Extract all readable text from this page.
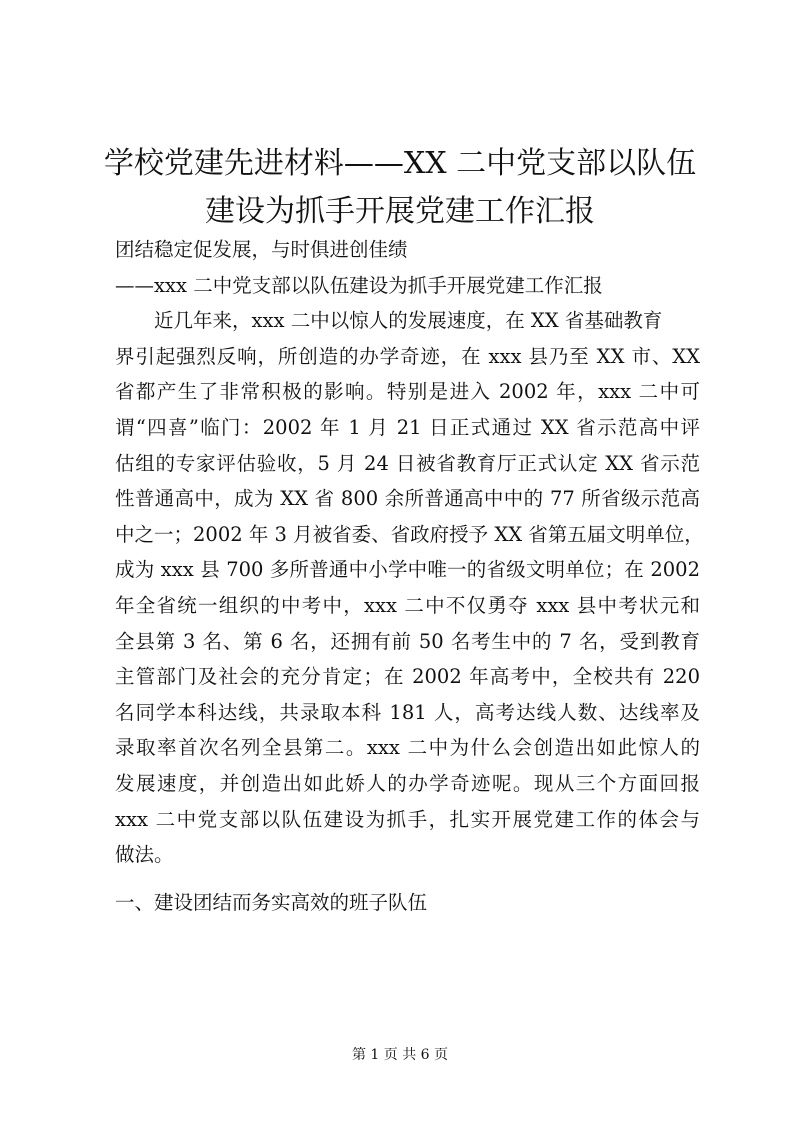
学校党建先进材料——XX 二中党支部以队伍
建设为抓手开展党建工作汇报

团结稳定促发展，与时俱进创佳绩

——xxx 二中党支部以队伍建设为抓手开展党建工作汇报

近几年来，xxx 二中以惊人的发展速度，在 XX 省基础教育
界引起强烈反响，所创造的办学奇迹，在 xxx 县乃至 XX 市、XX
省都产生了非常积极的影响。特别是进入 2002 年，xxx 二中可
谓“四喜”临门：2002 年 1 月 21 日正式通过 XX 省示范高中评
估组的专家评估验收，5 月 24 日被省教育厅正式认定 XX 省示范
性普通高中，成为 XX 省 800 余所普通高中中的 77 所省级示范高
中之一；2002 年 3 月被省委、省政府授予 XX 省第五届文明单位，
成为 xxx 县 700 多所普通中小学中唯一的省级文明单位；在 2002
年全省统一组织的中考中，xxx 二中不仅勇夺 xxx 县中考状元和
全县第 3 名、第 6 名，还拥有前 50 名考生中的 7 名，受到教育
主管部门及社会的充分肯定；在 2002 年高考中，全校共有 220
名同学本科达线，共录取本科 181 人，高考达线人数、达线率及
录取率首次名列全县第二。xxx 二中为什么会创造出如此惊人的
发展速度，并创造出如此娇人的办学奇迹呢。现从三个方面回报
xxx 二中党支部以队伍建设为抓手，扎实开展党建工作的体会与
做法。

一、建设团结而务实高效的班子队伍

第 1 页 共 6 页
